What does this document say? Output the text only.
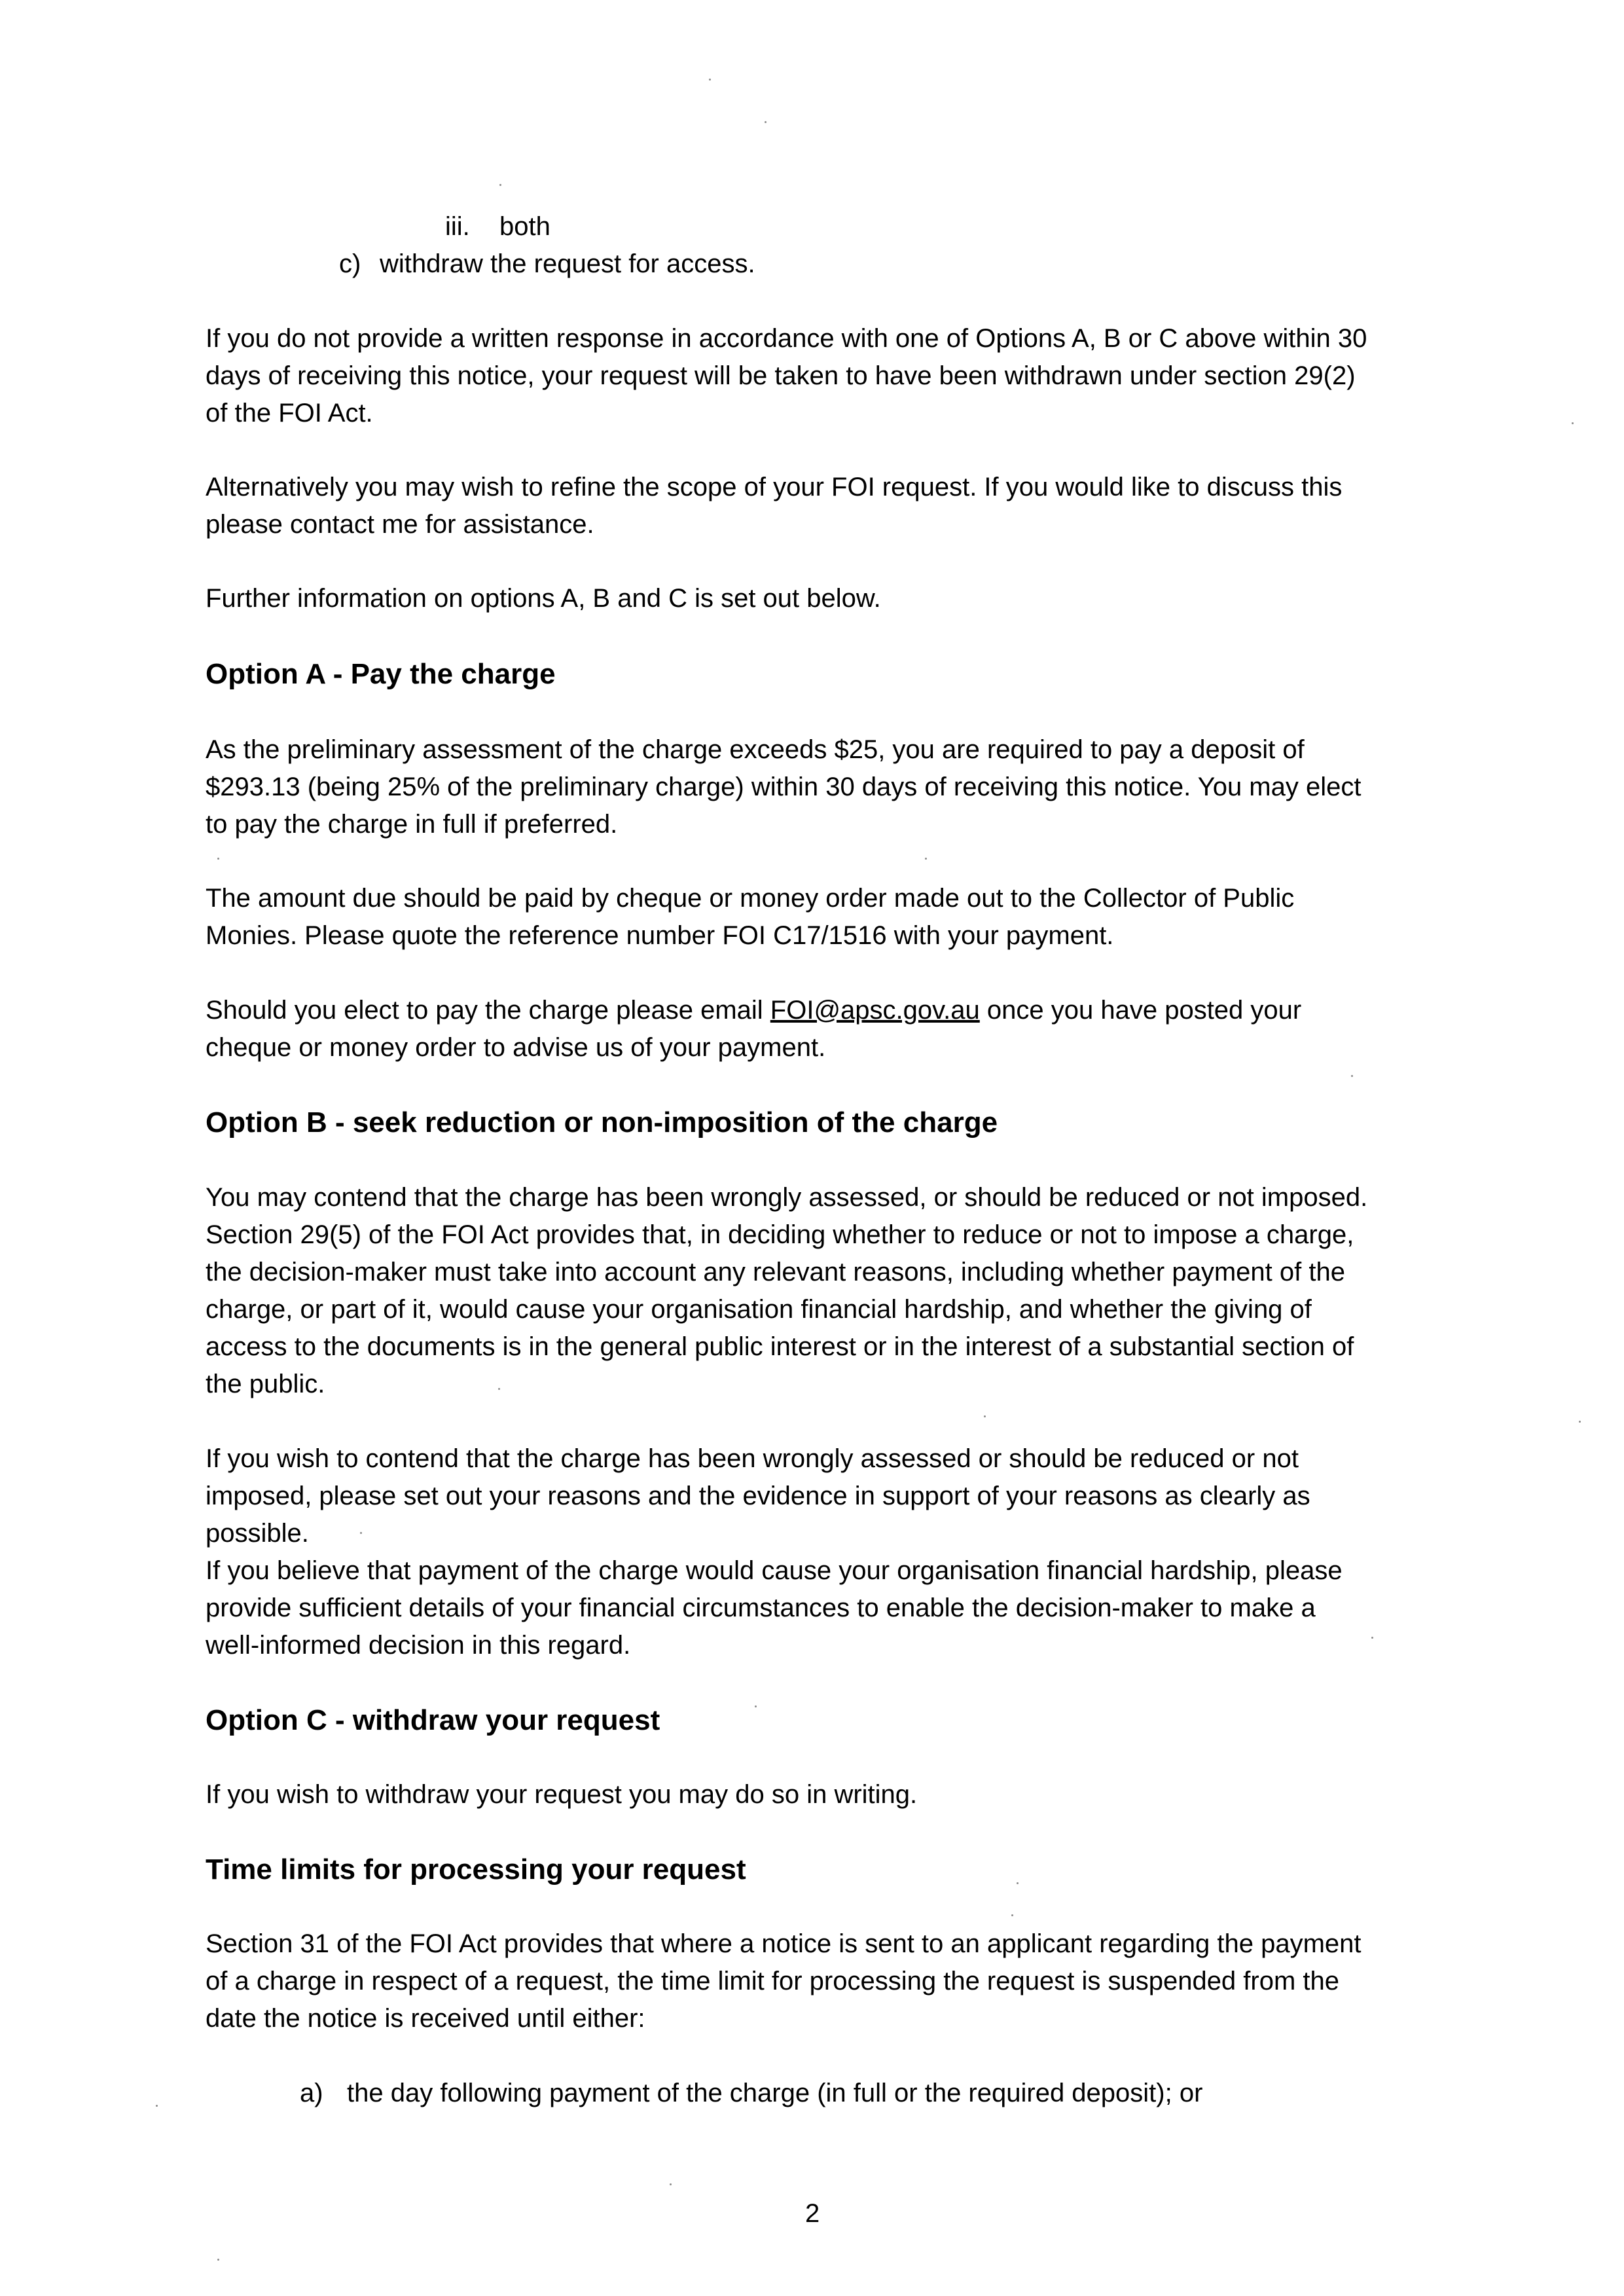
iii. both
c) withdraw the request for access.
If you do not provide a written response in accordance with one of Options A, B or C above within 30
days of receiving this notice, your request will be taken to have been withdrawn under section 29(2)
of the FOI Act.
Alternatively you may wish to refine the scope of your FOI request. If you would like to discuss this
please contact me for assistance.
Further information on options A, B and C is set out below.
Option A - Pay the charge
As the preliminary assessment of the charge exceeds $25, you are required to pay a deposit of
$293.13 (being 25% of the preliminary charge) within 30 days of receiving this notice. You may elect
to pay the charge in full if preferred.
The amount due should be paid by cheque or money order made out to the Collector of Public
Monies. Please quote the reference number FOI C17/1516 with your payment.
Should you elect to pay the charge please email FOI@apsc.gov.au once you have posted your
cheque or money order to advise us of your payment.
Option B - seek reduction or non-imposition of the charge
You may contend that the charge has been wrongly assessed, or should be reduced or not imposed.
Section 29(5) of the FOI Act provides that, in deciding whether to reduce or not to impose a charge,
the decision-maker must take into account any relevant reasons, including whether payment of the
charge, or part of it, would cause your organisation financial hardship, and whether the giving of
access to the documents is in the general public interest or in the interest of a substantial section of
the public.
If you wish to contend that the charge has been wrongly assessed or should be reduced or not
imposed, please set out your reasons and the evidence in support of your reasons as clearly as
possible.
If you believe that payment of the charge would cause your organisation financial hardship, please
provide sufficient details of your financial circumstances to enable the decision-maker to make a
well-informed decision in this regard.
Option C - withdraw your request
If you wish to withdraw your request you may do so in writing.
Time limits for processing your request
Section 31 of the FOI Act provides that where a notice is sent to an applicant regarding the payment
of a charge in respect of a request, the time limit for processing the request is suspended from the
date the notice is received until either:
a) the day following payment of the charge (in full or the required deposit); or
2
